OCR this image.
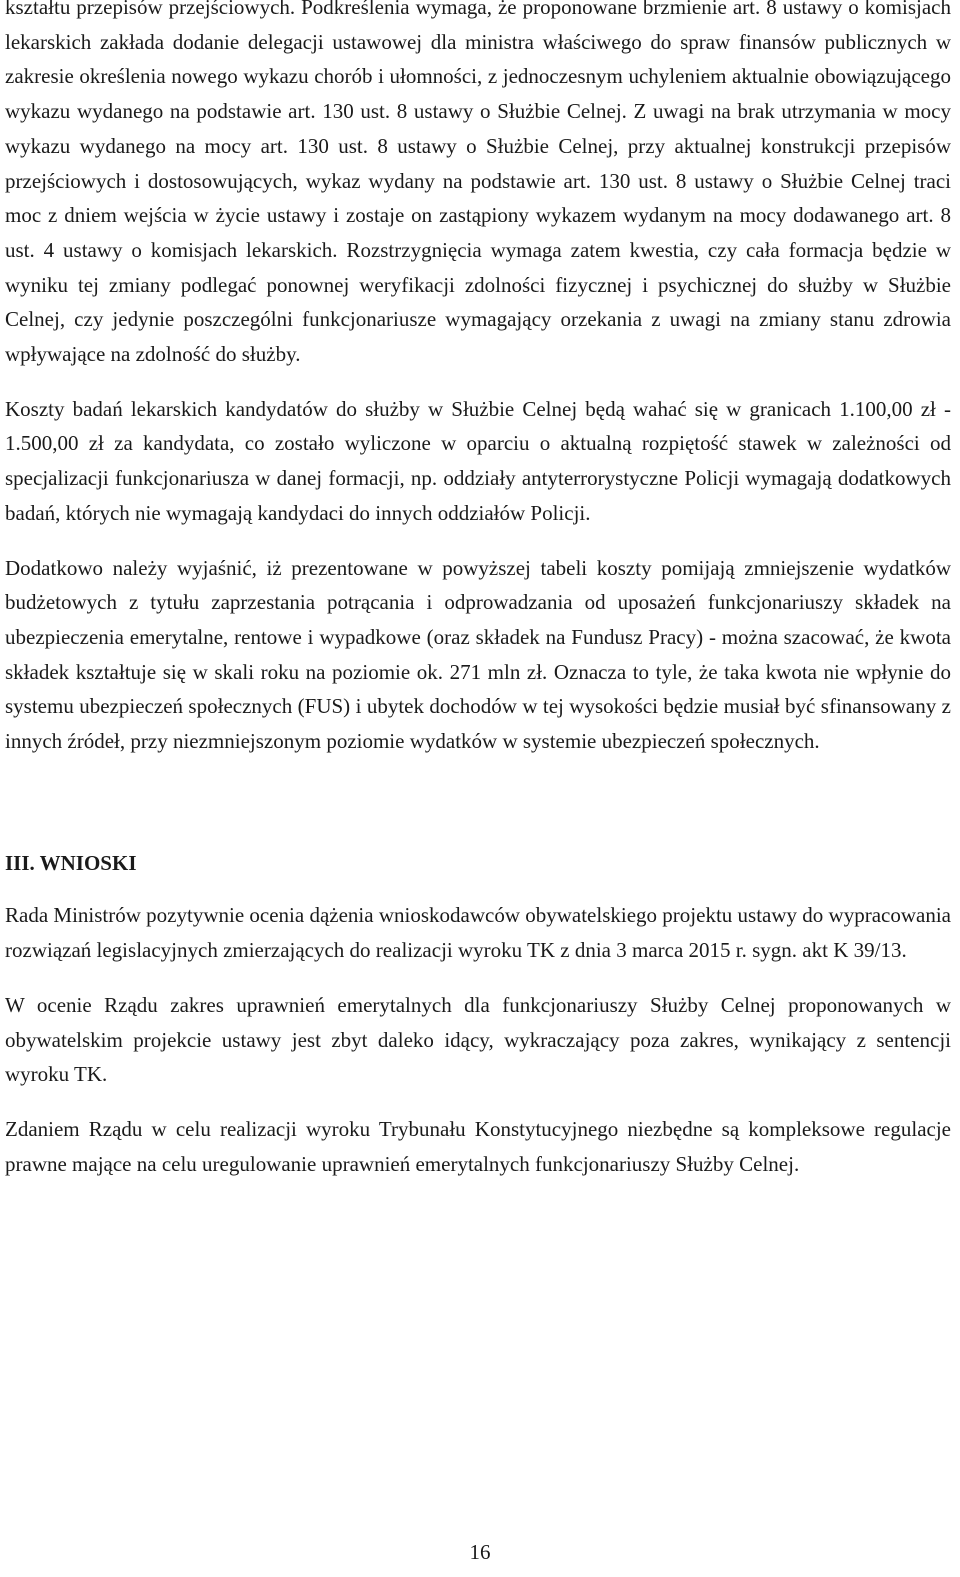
kształtu przepisów przejściowych. Podkreślenia wymaga, że proponowane brzmienie art. 8 ustawy o komisjach lekarskich zakłada dodanie delegacji ustawowej dla ministra właściwego do spraw finansów publicznych w zakresie określenia nowego wykazu chorób i ułomności, z jednoczesnym uchyleniem aktualnie obowiązującego wykazu wydanego na podstawie art. 130 ust. 8 ustawy o Służbie Celnej. Z uwagi na brak utrzymania w mocy wykazu wydanego na mocy art. 130 ust. 8 ustawy o Służbie Celnej, przy aktualnej konstrukcji przepisów przejściowych i dostosowujących, wykaz wydany na podstawie art. 130 ust. 8 ustawy o Służbie Celnej traci moc z dniem wejścia w życie ustawy i zostaje on zastąpiony wykazem wydanym na mocy dodawanego art. 8 ust. 4 ustawy o komisjach lekarskich. Rozstrzygnięcia wymaga zatem kwestia, czy cała formacja będzie w wyniku tej zmiany podlegać ponownej weryfikacji zdolności fizycznej i psychicznej do służby w Służbie Celnej, czy jedynie poszczególni funkcjonariusze wymagający orzekania z uwagi na zmiany stanu zdrowia wpływające na zdolność do służby.

Koszty badań lekarskich kandydatów do służby w Służbie Celnej będą wahać się w granicach 1.100,00 zł - 1.500,00 zł za kandydata, co zostało wyliczone w oparciu o aktualną rozpiętość stawek w zależności od specjalizacji funkcjonariusza w danej formacji, np. oddziały antyterrorystyczne Policji wymagają dodatkowych badań, których nie wymagają kandydaci do innych oddziałów Policji.

Dodatkowo należy wyjaśnić, iż prezentowane w powyższej tabeli koszty pomijają zmniejszenie wydatków budżetowych z tytułu zaprzestania potrącania i odprowadzania od uposażeń funkcjonariuszy składek na ubezpieczenia emerytalne, rentowe i wypadkowe (oraz składek na Fundusz Pracy) - można szacować, że kwota składek kształtuje się w skali roku na poziomie ok. 271 mln zł. Oznacza to tyle, że taka kwota nie wpłynie do systemu ubezpieczeń społecznych (FUS) i ubytek dochodów w tej wysokości będzie musiał być sfinansowany z innych źródeł, przy niezmniejszonym poziomie wydatków w systemie ubezpieczeń społecznych.

III. WNIOSKI

Rada Ministrów pozytywnie ocenia dążenia wnioskodawców obywatelskiego projektu ustawy do wypracowania rozwiązań legislacyjnych zmierzających do realizacji wyroku TK z dnia 3 marca 2015 r. sygn. akt K 39/13.

W ocenie Rządu zakres uprawnień emerytalnych dla funkcjonariuszy Służby Celnej proponowanych w obywatelskim projekcie ustawy jest zbyt daleko idący, wykraczający poza zakres, wynikający z sentencji wyroku TK.

Zdaniem Rządu w celu realizacji wyroku Trybunału Konstytucyjnego niezbędne są kompleksowe regulacje prawne mające na celu uregulowanie uprawnień emerytalnych funkcjonariuszy Służby Celnej.

16
